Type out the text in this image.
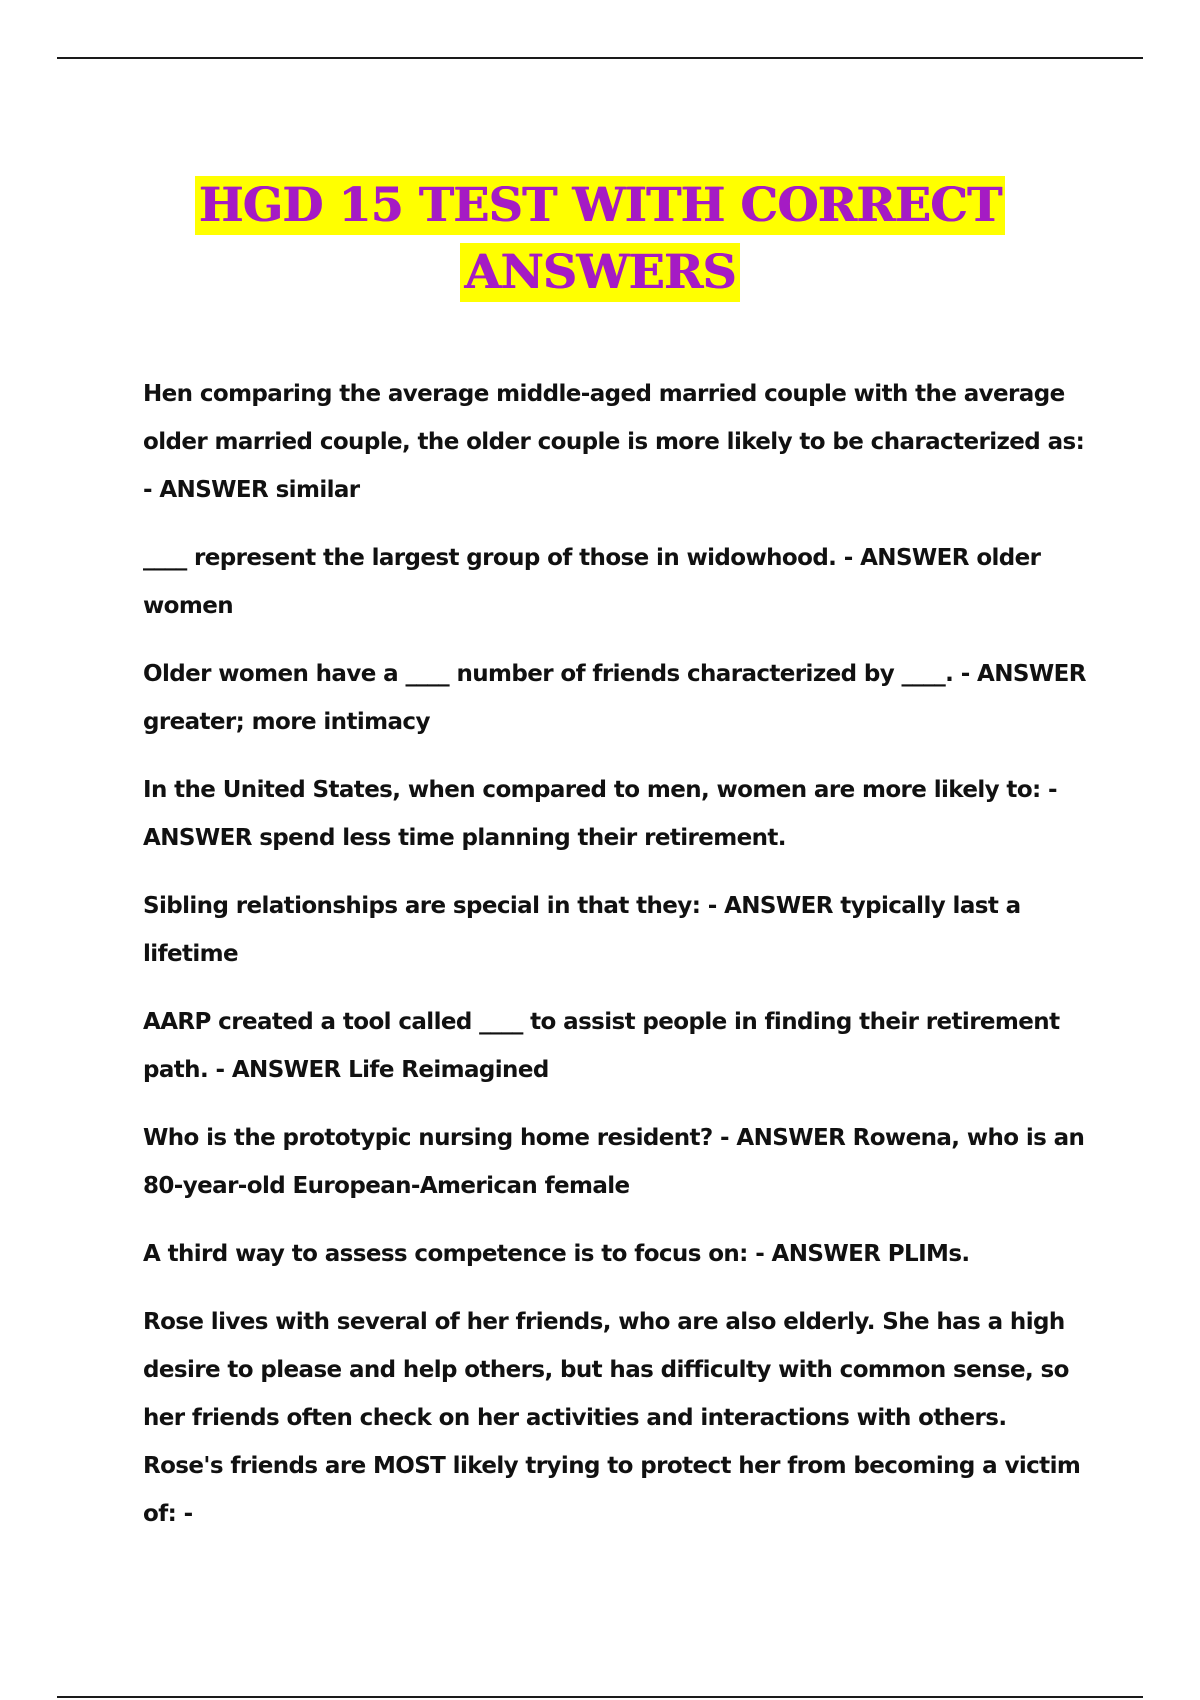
HGD 15 TEST WITH CORRECT
ANSWERS

Hen comparing the average middle-aged married couple with the average older married couple, the older couple is more likely to be characterized as: - ANSWER similar

____ represent the largest group of those in widowhood. - ANSWER older women

Older women have a ____ number of friends characterized by ____. - ANSWER greater; more intimacy

In the United States, when compared to men, women are more likely to: - ANSWER spend less time planning their retirement.

Sibling relationships are special in that they: - ANSWER typically last a lifetime

AARP created a tool called ____ to assist people in finding their retirement path. - ANSWER Life Reimagined

Who is the prototypic nursing home resident? - ANSWER Rowena, who is an 80-year-old European-American female

A third way to assess competence is to focus on: - ANSWER PLIMs.

Rose lives with several of her friends, who are also elderly. She has a high desire to please and help others, but has difficulty with common sense, so her friends often check on her activities and interactions with others. Rose's friends are MOST likely trying to protect her from becoming a victim of: -
